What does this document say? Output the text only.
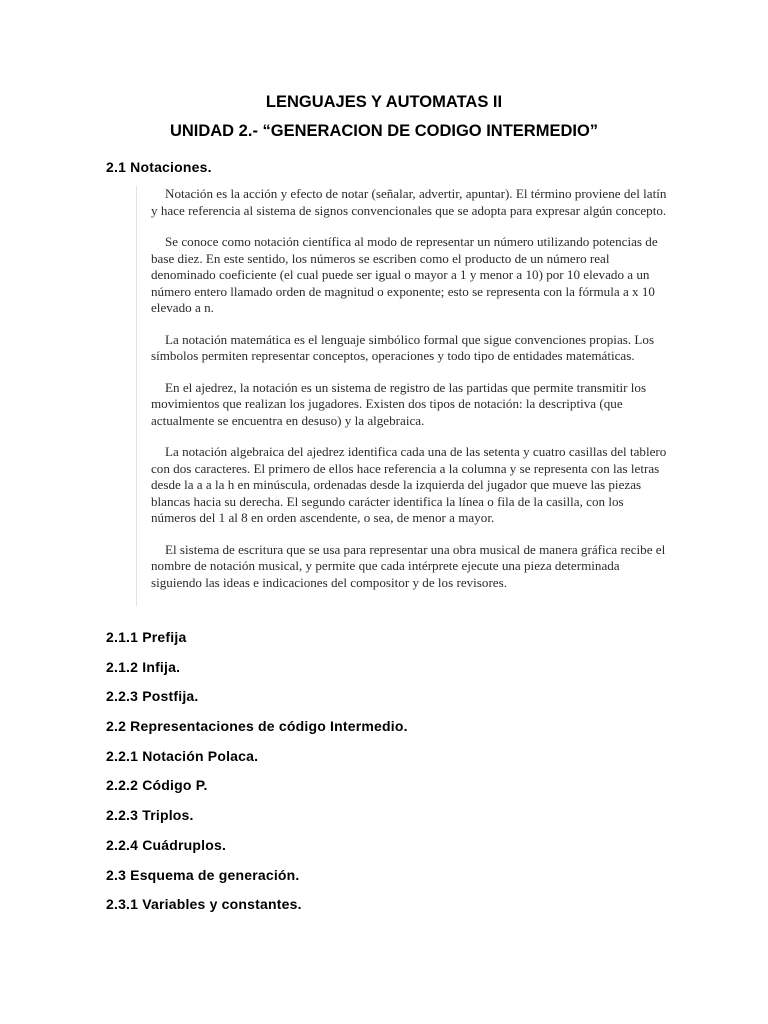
LENGUAJES Y AUTOMATAS II
UNIDAD 2.- “GENERACION DE CODIGO INTERMEDIO”
2.1 Notaciones.

Notación es la acción y efecto de notar (señalar, advertir, apuntar). El término proviene del latín y hace referencia al sistema de signos convencionales que se adopta para expresar algún concepto.

Se conoce como notación científica al modo de representar un número utilizando potencias de base diez. En este sentido, los números se escriben como el producto de un número real denominado coeficiente (el cual puede ser igual o mayor a 1 y menor a 10) por 10 elevado a un número entero llamado orden de magnitud o exponente; esto se representa con la fórmula a x 10 elevado a n.

La notación matemática es el lenguaje simbólico formal que sigue convenciones propias. Los símbolos permiten representar conceptos, operaciones y todo tipo de entidades matemáticas.

En el ajedrez, la notación es un sistema de registro de las partidas que permite transmitir los movimientos que realizan los jugadores. Existen dos tipos de notación: la descriptiva (que actualmente se encuentra en desuso) y la algebraica.

La notación algebraica del ajedrez identifica cada una de las setenta y cuatro casillas del tablero con dos caracteres. El primero de ellos hace referencia a la columna y se representa con las letras desde la a a la h en minúscula, ordenadas desde la izquierda del jugador que mueve las piezas blancas hacia su derecha. El segundo carácter identifica la línea o fila de la casilla, con los números del 1 al 8 en orden ascendente, o sea, de menor a mayor.

El sistema de escritura que se usa para representar una obra musical de manera gráfica recibe el nombre de notación musical, y permite que cada intérprete ejecute una pieza determinada siguiendo las ideas e indicaciones del compositor y de los revisores.

2.1.1 Prefija
2.1.2 Infija.
2.2.3 Postfija.
2.2 Representaciones de código Intermedio.
2.2.1 Notación Polaca.
2.2.2 Código P.
2.2.3 Triplos.
2.2.4 Cuádruplos.
2.3 Esquema de generación.
2.3.1 Variables y constantes.
